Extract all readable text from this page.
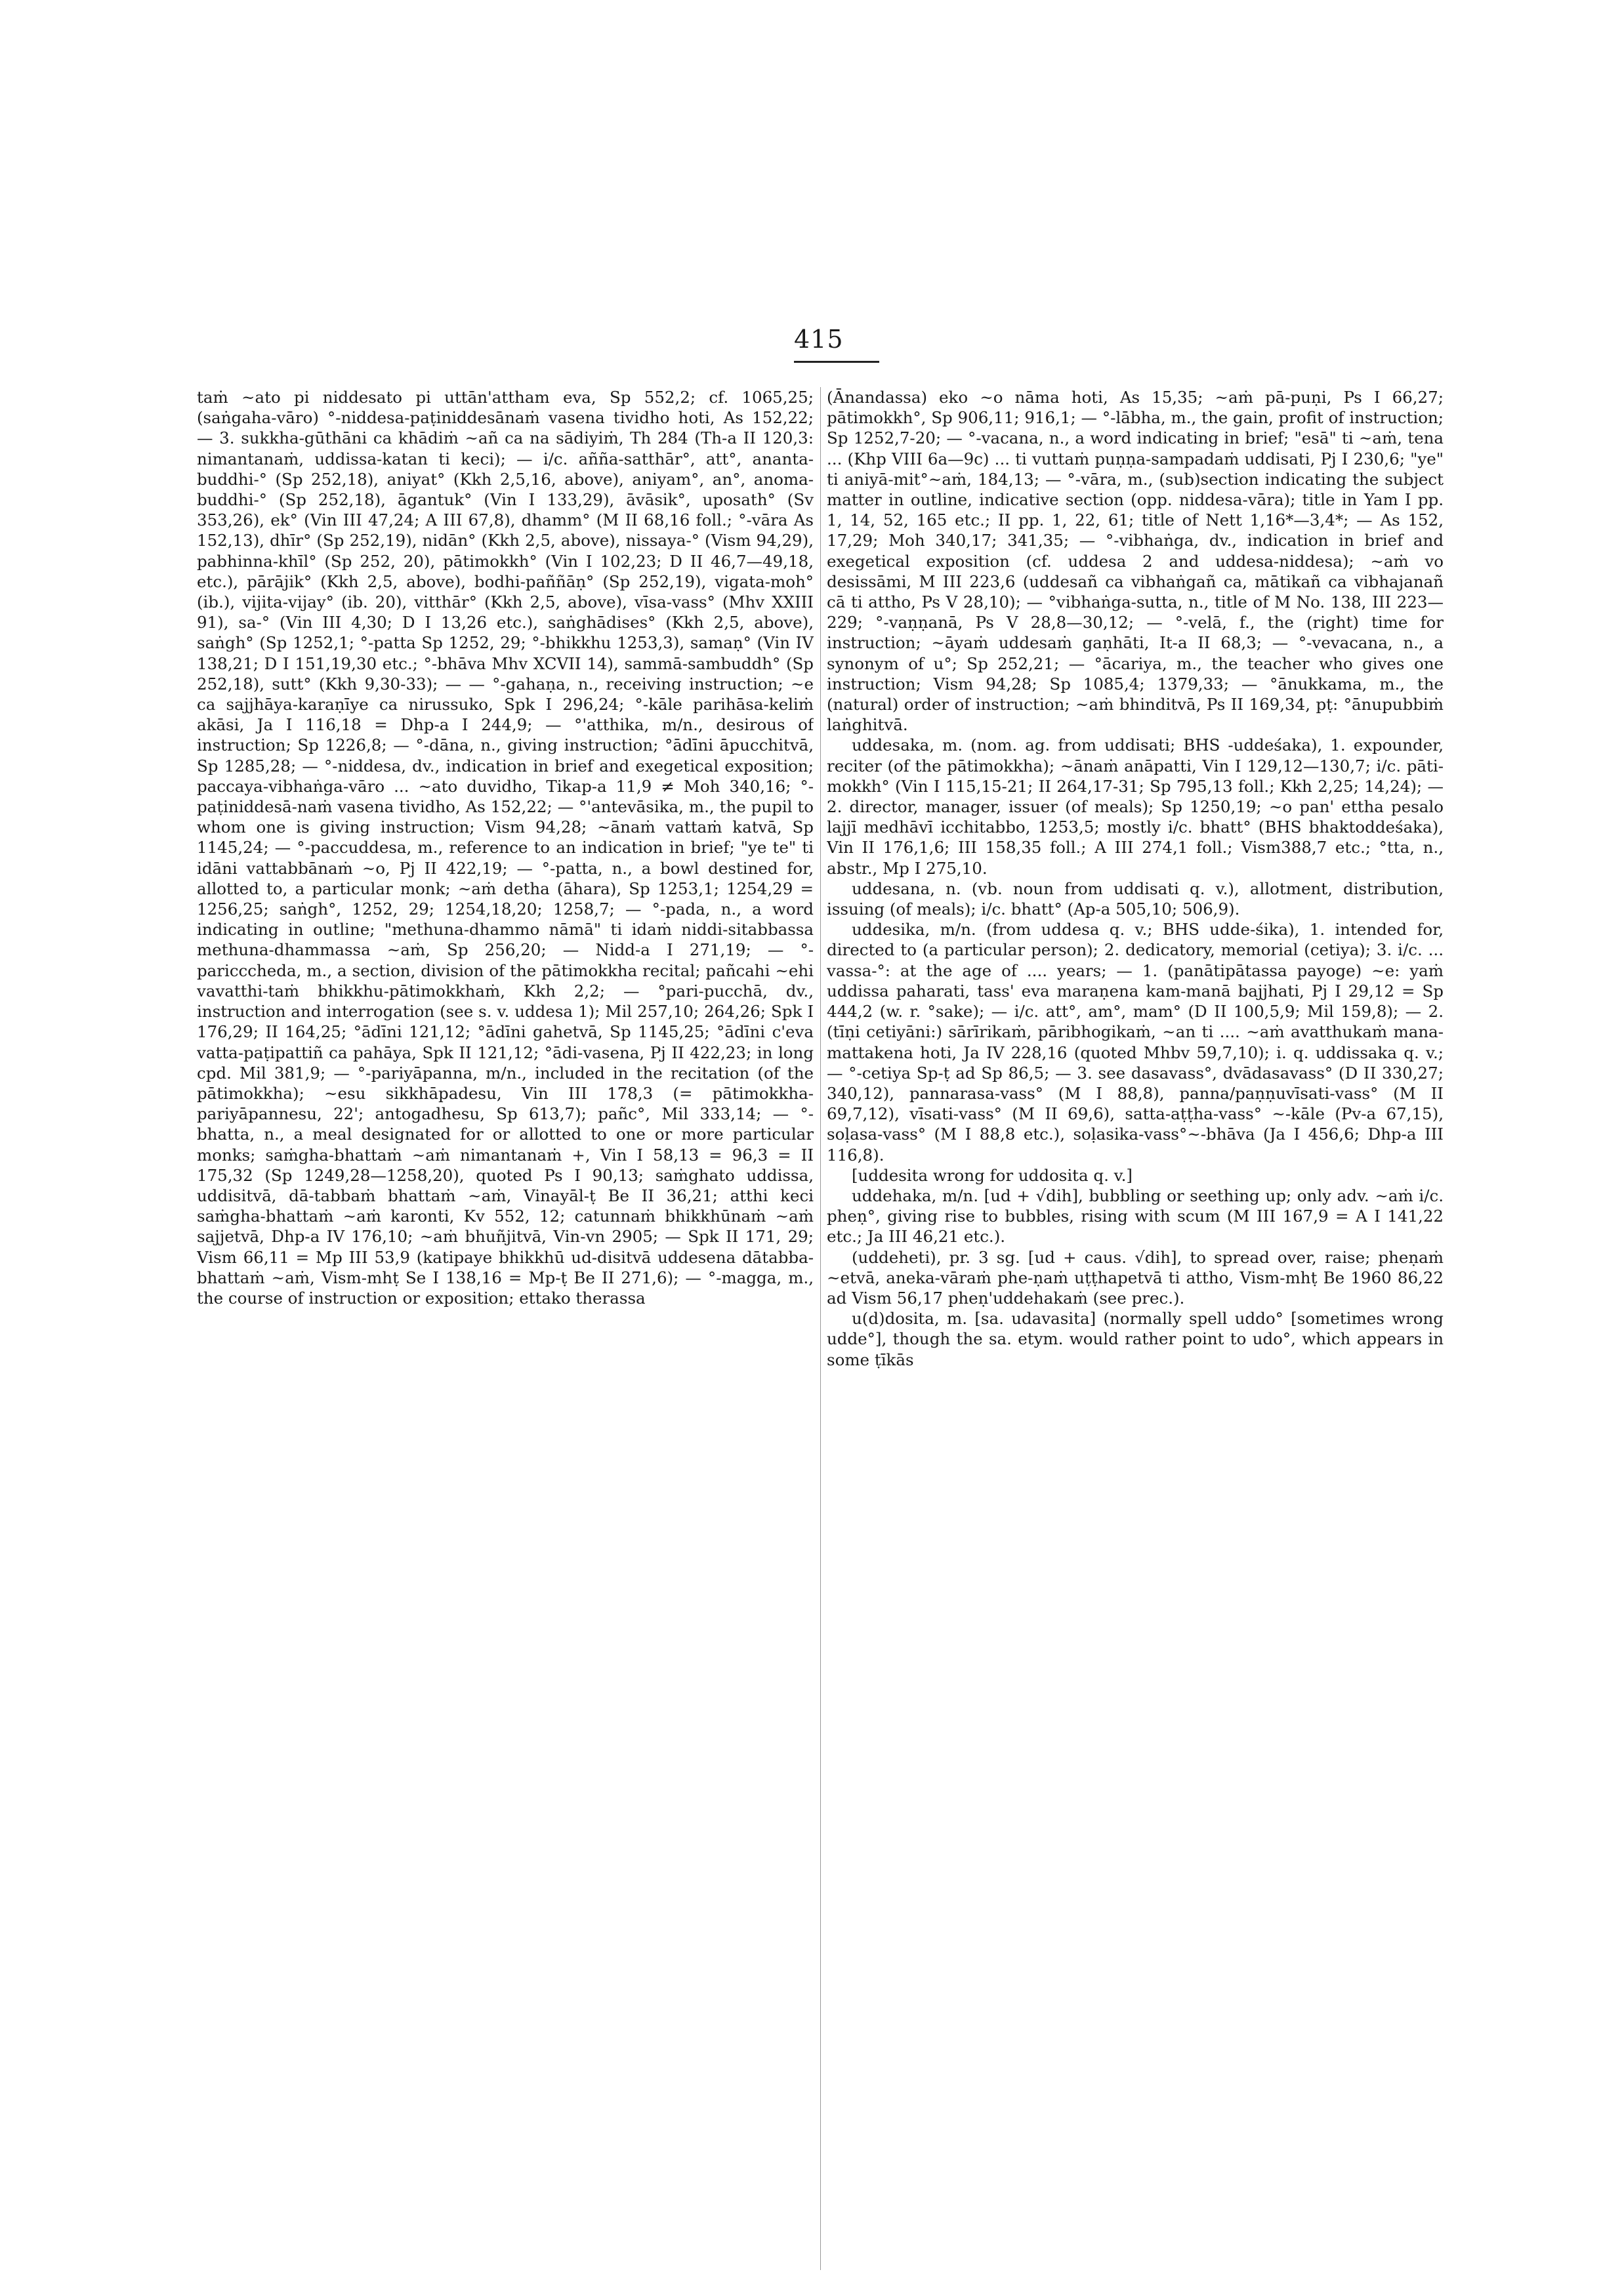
415

taṁ ~ato pi niddesato pi uttān'attham eva, Sp 552,2; cf. 1065,25; (saṅgaha-vāro) °-niddesa-paṭiniddesānaṁ vasena tividho hoti, As 152,22; — 3. sukkha-gūthāni ca khādiṁ ~añ ca na sādiyiṁ, Th 284 (Th-a II 120,3: nimantanaṁ, uddissa-katan ti keci); — i/c. añña-satthār°, att°, ananta-buddhi-° (Sp 252,18), aniyat° (Kkh 2,5,16, above), aniyam°, an°, anoma-buddhi-° (Sp 252,18), āgantuk° (Vin I 133,29), āvāsik°, uposath° (Sv 353,26), ek° (Vin III 47,24; A III 67,8), dhamm° (M II 68,16 foll.; °-vāra As 152,13), dhīr° (Sp 252,19), nidān° (Kkh 2,5, above), nissaya-° (Vism 94,29), pabhinna-khīl° (Sp 252, 20), pātimokkh° (Vin I 102,23; D II 46,7—49,18, etc.), pārājik° (Kkh 2,5, above), bodhi-paññāṇ° (Sp 252,19), vigata-moh° (ib.), vijita-vijay° (ib. 20), vitthār° (Kkh 2,5, above), vīsa-vass° (Mhv XXIII 91), sa-° (Vin III 4,30; D I 13,26 etc.), saṅghādises° (Kkh 2,5, above), saṅgh° (Sp 1252,1; °-patta Sp 1252, 29; °-bhikkhu 1253,3), samaṇ° (Vin IV 138,21; D I 151,19,30 etc.; °-bhāva Mhv XCVII 14), sammā-sambuddh° (Sp 252,18), sutt° (Kkh 9,30-33); — — °-gahaṇa, n., receiving instruction; ~e ca sajjhāya-karaṇīye ca nirussuko, Spk I 296,24; °-kāle parihāsa-keliṁ akāsi, Ja I 116,18 = Dhp-a I 244,9; — °'atthika, m/n., desirous of instruction; Sp 1226,8; — °-dāna, n., giving instruction; °ādīni āpucchitvā, Sp 1285,28; — °-niddesa, dv., indication in brief and exegetical exposition; paccaya-vibhaṅga-vāro ... ~ato duvidho, Tikap-a 11,9 ≠ Moh 340,16; °-paṭiniddesā-naṁ vasena tividho, As 152,22; — °'antevāsika, m., the pupil to whom one is giving instruction; Vism 94,28; ~ānaṁ vattaṁ katvā, Sp 1145,24; — °-paccuddesa, m., reference to an indication in brief; "ye te" ti idāni vattabbānaṁ ~o, Pj II 422,19; — °-patta, n., a bowl destined for, allotted to, a particular monk; ~aṁ detha (āhara), Sp 1253,1; 1254,29 = 1256,25; saṅgh°, 1252, 29; 1254,18,20; 1258,7; — °-pada, n., a word indicating in outline; "methuna-dhammo nāmā" ti idaṁ niddi-sitabbassa methuna-dhammassa ~aṁ, Sp 256,20; — Nidd-a I 271,19; — °-paricccheda, m., a section, division of the pātimokkha recital; pañcahi ~ehi vavatthi-taṁ bhikkhu-pātimokkhaṁ, Kkh 2,2; — °pari-pucchā, dv., instruction and interrogation (see s. v. uddesa 1); Mil 257,10; 264,26; Spk I 176,29; II 164,25; °ādīni 121,12; °ādīni gahetvā, Sp 1145,25; °ādīni c'eva vatta-paṭipattiñ ca pahāya, Spk II 121,12; °ādi-vasena, Pj II 422,23; in long cpd. Mil 381,9; — °-pariyāpanna, m/n., included in the recitation (of the pātimokkha); ~esu sikkhāpadesu, Vin III 178,3 (= pātimokkha-pariyāpannesu, 22'; antogadhesu, Sp 613,7); pañc°, Mil 333,14; — °-bhatta, n., a meal designated for or allotted to one or more particular monks; saṁgha-bhattaṁ ~aṁ nimantanaṁ +, Vin I 58,13 = 96,3 = II 175,32 (Sp 1249,28—1258,20), quoted Ps I 90,13; saṁghato uddissa, uddisitvā, dā-tabbaṁ bhattaṁ ~aṁ, Vinayāl-ṭ Be II 36,21; atthi keci saṁgha-bhattaṁ ~aṁ karonti, Kv 552, 12; catunnaṁ bhikkhūnaṁ ~aṁ sajjetvā, Dhp-a IV 176,10; ~aṁ bhuñjitvā, Vin-vn 2905; — Spk II 171, 29; Vism 66,11 = Mp III 53,9 (katipaye bhikkhū ud-disitvā uddesena dātabba-bhattaṁ ~aṁ, Vism-mhṭ Se I 138,16 = Mp-ṭ Be II 271,6); — °-magga, m., the course of instruction or exposition; ettako therassa

(Ānandassa) eko ~o nāma hoti, As 15,35; ~aṁ pā-puṇi, Ps I 66,27; pātimokkh°, Sp 906,11; 916,1; — °-lābha, m., the gain, profit of instruction; Sp 1252,7-20; — °-vacana, n., a word indicating in brief; "esā" ti ~aṁ, tena ... (Khp VIII 6a—9c) ... ti vuttaṁ puṇṇa-sampadaṁ uddisati, Pj I 230,6; "ye" ti aniyā-mit°~aṁ, 184,13; — °-vāra, m., (sub)section indicating the subject matter in outline, indicative section (opp. niddesa-vāra); title in Yam I pp. 1, 14, 52, 165 etc.; II pp. 1, 22, 61; title of Nett 1,16*—3,4*; — As 152, 17,29; Moh 340,17; 341,35; — °-vibhaṅga, dv., indication in brief and exegetical exposition (cf. uddesa 2 and uddesa-niddesa); ~aṁ vo desissāmi, M III 223,6 (uddesañ ca vibhaṅgañ ca, mātikañ ca vibhajanañ cā ti attho, Ps V 28,10); — °vibhaṅga-sutta, n., title of M No. 138, III 223—229; °-vaṇṇanā, Ps V 28,8—30,12; — °-velā, f., the (right) time for instruction; ~āyaṁ uddesaṁ gaṇhāti, It-a II 68,3; — °-vevacana, n., a synonym of u°; Sp 252,21; — °ācariya, m., the teacher who gives one instruction; Vism 94,28; Sp 1085,4; 1379,33; — °ānukkama, m., the (natural) order of instruction; ~aṁ bhinditvā, Ps II 169,34, pṭ: °ānupubbiṁ laṅghitvā.

uddesaka, m. (nom. ag. from uddisati; BHS -uddeśaka), 1. expounder, reciter (of the pātimokkha); ~ānaṁ anāpatti, Vin I 129,12—130,7; i/c. pāti-mokkh° (Vin I 115,15-21; II 264,17-31; Sp 795,13 foll.; Kkh 2,25; 14,24); — 2. director, manager, issuer (of meals); Sp 1250,19; ~o pan' ettha pesalo lajjī medhāvī icchitabbo, 1253,5; mostly i/c. bhatt° (BHS bhaktoddeśaka), Vin II 176,1,6; III 158,35 foll.; A III 274,1 foll.; Vism388,7 etc.; °tta, n., abstr., Mp I 275,10.

uddesana, n. (vb. noun from uddisati q. v.), allotment, distribution, issuing (of meals); i/c. bhatt° (Ap-a 505,10; 506,9).

uddesika, m/n. (from uddesa q. v.; BHS udde-śika), 1. intended for, directed to (a particular person); 2. dedicatory, memorial (cetiya); 3. i/c. ... vassa-°: at the age of .... years; — 1. (panātipātassa payoge) ~e: yaṁ uddissa paharati, tass' eva maraṇena kam-manā bajjhati, Pj I 29,12 = Sp 444,2 (w. r. °sake); — i/c. att°, am°, mam° (D II 100,5,9; Mil 159,8); — 2. (tīṇi cetiyāni:) sārīrikaṁ, pāribhogikaṁ, ~an ti .... ~aṁ avatthukaṁ mana-mattakena hoti, Ja IV 228,16 (quoted Mhbv 59,7,10); i. q. uddissaka q. v.; — °-cetiya Sp-ṭ ad Sp 86,5; — 3. see dasavass°, dvādasavass° (D II 330,27; 340,12), pannarasa-vass° (M I 88,8), panna/paṇṇuvīsati-vass° (M II 69,7,12), vīsati-vass° (M II 69,6), satta-aṭṭha-vass° ~-kāle (Pv-a 67,15), soḷasa-vass° (M I 88,8 etc.), soḷasika-vass°~-bhāva (Ja I 456,6; Dhp-a III 116,8).

[uddesita wrong for uddosita q. v.]

uddehaka, m/n. [ud + √dih], bubbling or seething up; only adv. ~aṁ i/c. pheṇ°, giving rise to bubbles, rising with scum (M III 167,9 = A I 141,22 etc.; Ja III 46,21 etc.).

(uddeheti), pr. 3 sg. [ud + caus. √dih], to spread over, raise; pheṇaṁ ~etvā, aneka-vāraṁ phe-ṇaṁ uṭṭhapetvā ti attho, Vism-mhṭ Be 1960 86,22 ad Vism 56,17 pheṇ'uddehakaṁ (see prec.).

u(d)dosita, m. [sa. udavasita] (normally spell uddo° [sometimes wrong udde°], though the sa. etym. would rather point to udo°, which appears in some ṭīkās
